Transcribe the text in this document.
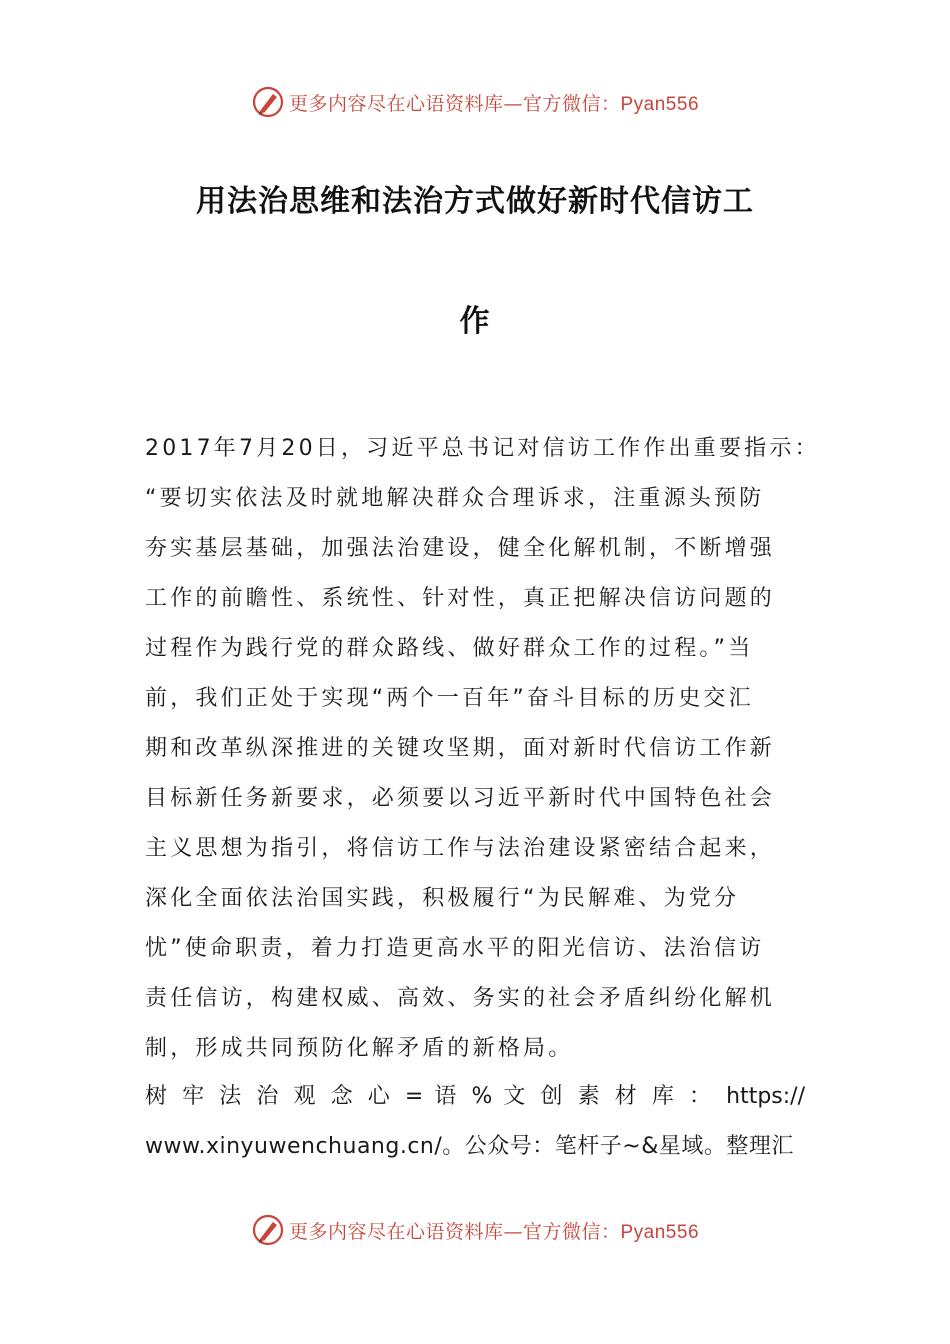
更多内容尽在心语资料库—官方微信：Pyan556
用法治思维和法治方式做好新时代信访工
作
2017年7月20日，习近平总书记对信访工作作出重要指示：
“要切实依法及时就地解决群众合理诉求，注重源头预防
夯实基层基础，加强法治建设，健全化解机制，不断增强
工作的前瞻性、系统性、针对性，真正把解决信访问题的
过程作为践行党的群众路线、做好群众工作的过程。”当
前，我们正处于实现“两个一百年”奋斗目标的历史交汇
期和改革纵深推进的关键攻坚期，面对新时代信访工作新
目标新任务新要求，必须要以习近平新时代中国特色社会
主义思想为指引，将信访工作与法治建设紧密结合起来，
深化全面依法治国实践，积极履行“为民解难、为党分
忧”使命职责，着力打造更高水平的阳光信访、法治信访
责任信访，构建权威、高效、务实的社会矛盾纠纷化解机
制，形成共同预防化解矛盾的新格局。
树 牢 法 治 观 念 心 = 语 % 文 创 素 材 库 ： https://
www.xinyuwenchuang.cn/。公众号：笔杆子~&星域。整理汇
更多内容尽在心语资料库—官方微信：Pyan556
